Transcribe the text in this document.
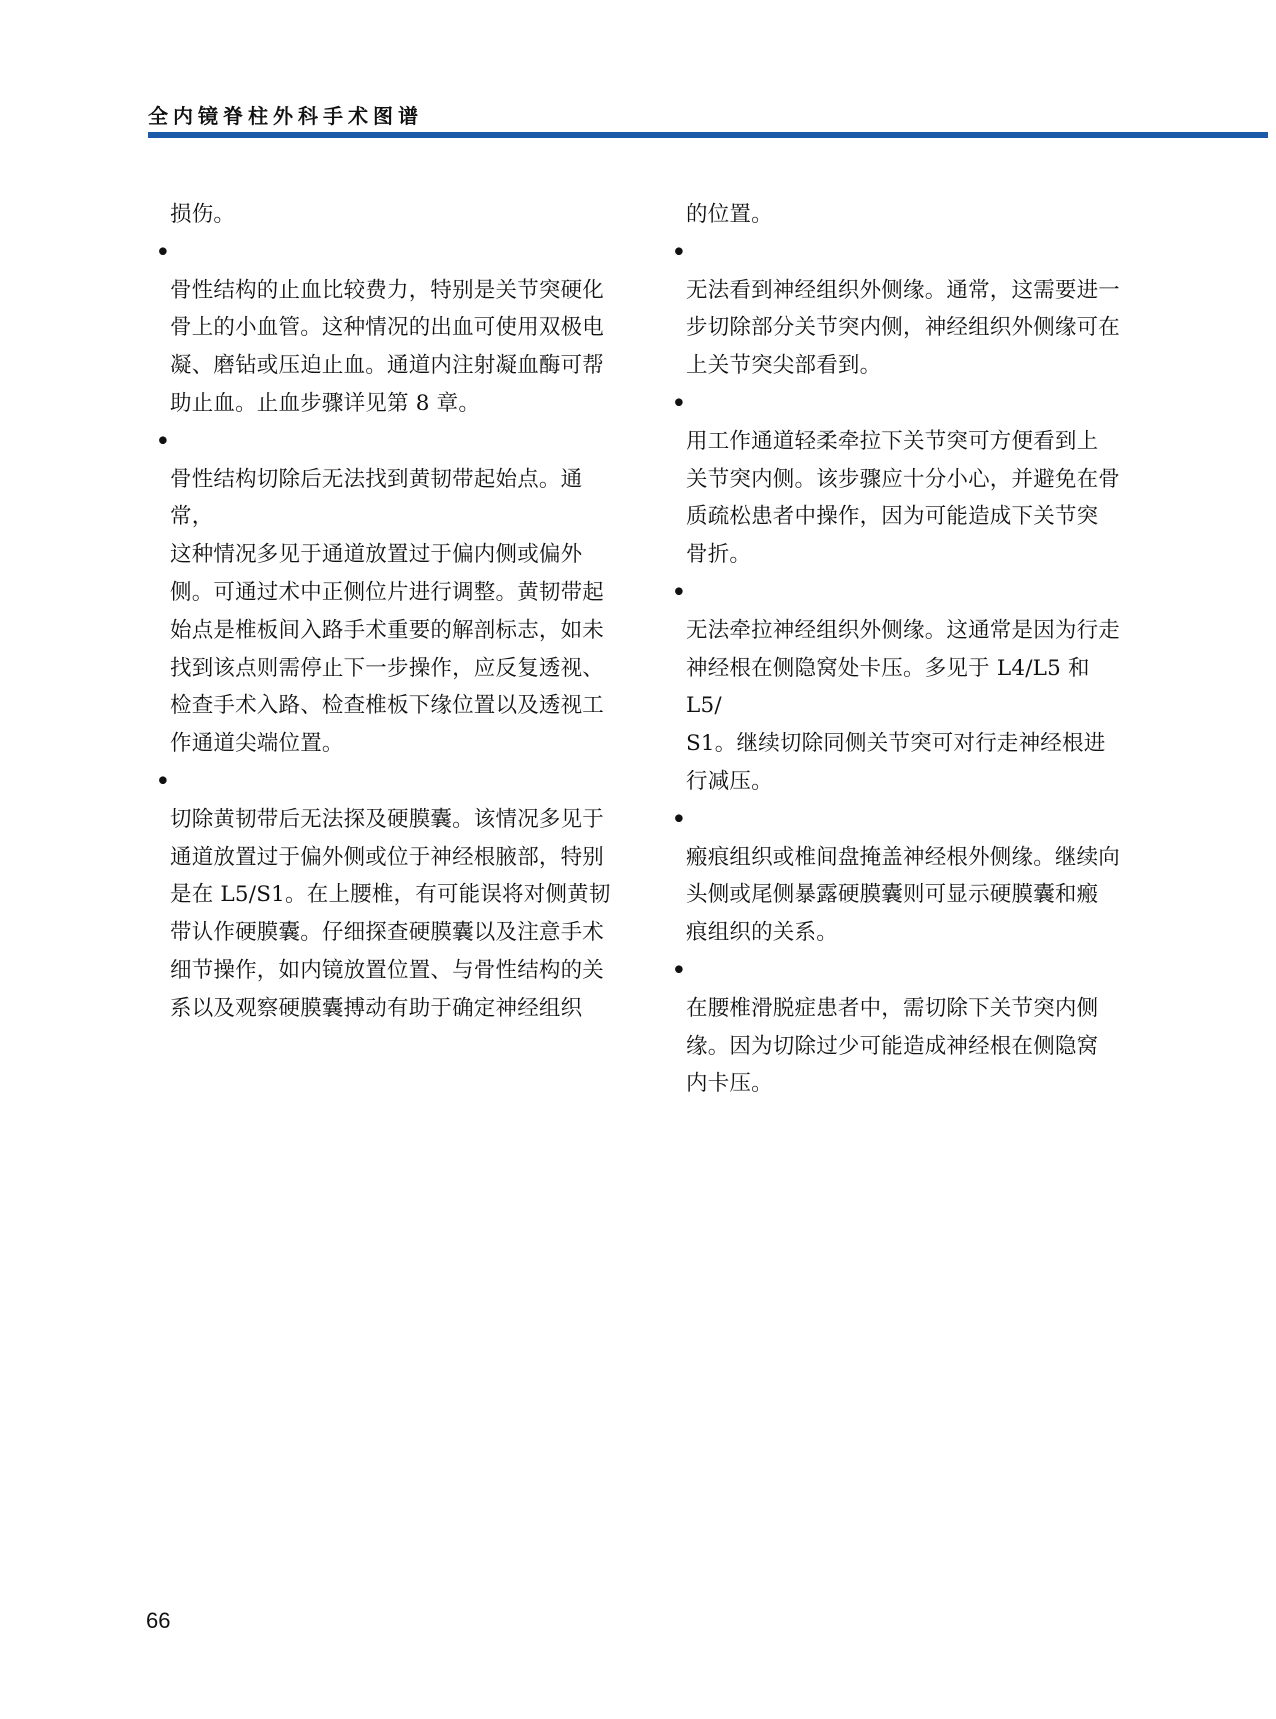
全内镜脊柱外科手术图谱

损伤。

•
骨性结构的止血比较费力，特别是关节突硬化
骨上的小血管。这种情况的出血可使用双极电
凝、磨钻或压迫止血。通道内注射凝血酶可帮
助止血。止血步骤详见第 8 章。

•
骨性结构切除后无法找到黄韧带起始点。通常，
这种情况多见于通道放置过于偏内侧或偏外
侧。可通过术中正侧位片进行调整。黄韧带起
始点是椎板间入路手术重要的解剖标志，如未
找到该点则需停止下一步操作，应反复透视、
检查手术入路、检查椎板下缘位置以及透视工
作通道尖端位置。

•
切除黄韧带后无法探及硬膜囊。该情况多见于
通道放置过于偏外侧或位于神经根腋部，特别
是在 L5/S1。在上腰椎，有可能误将对侧黄韧
带认作硬膜囊。仔细探查硬膜囊以及注意手术
细节操作，如内镜放置位置、与骨性结构的关
系以及观察硬膜囊搏动有助于确定神经组织

的位置。

•
无法看到神经组织外侧缘。通常，这需要进一
步切除部分关节突内侧，神经组织外侧缘可在
上关节突尖部看到。

•
用工作通道轻柔牵拉下关节突可方便看到上
关节突内侧。该步骤应十分小心，并避免在骨
质疏松患者中操作，因为可能造成下关节突
骨折。

•
无法牵拉神经组织外侧缘。这通常是因为行走
神经根在侧隐窝处卡压。多见于 L4/L5 和 L5/
S1。继续切除同侧关节突可对行走神经根进
行减压。

•
瘢痕组织或椎间盘掩盖神经根外侧缘。继续向
头侧或尾侧暴露硬膜囊则可显示硬膜囊和瘢
痕组织的关系。

•
在腰椎滑脱症患者中，需切除下关节突内侧
缘。因为切除过少可能造成神经根在侧隐窝
内卡压。

66
